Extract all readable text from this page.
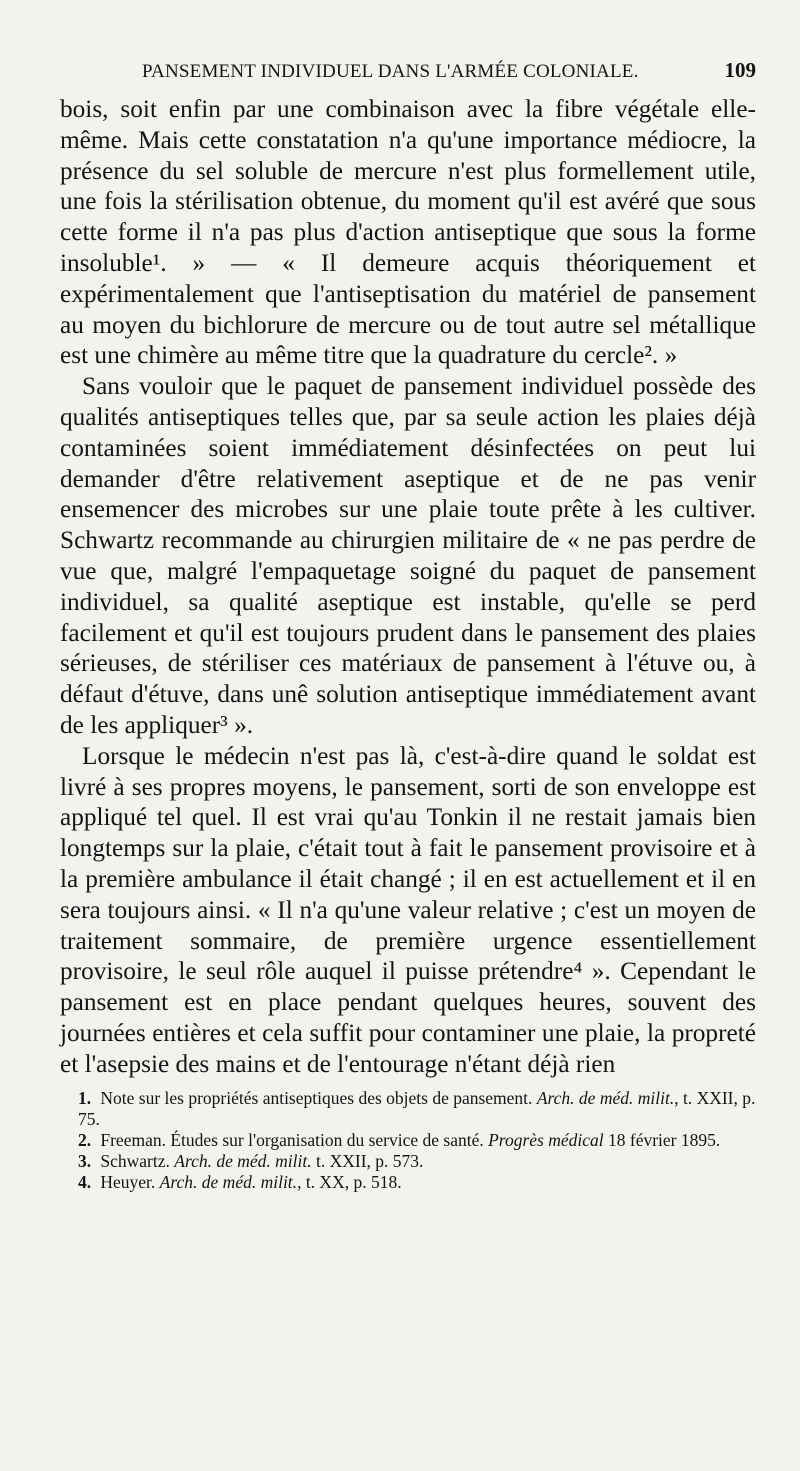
PANSEMENT INDIVIDUEL DANS L'ARMÉE COLONIALE.	109

bois, soit enfin par une combinaison avec la fibre végétale elle-même. Mais cette constatation n'a qu'une importance médiocre, la présence du sel soluble de mercure n'est plus formellement utile, une fois la stérilisation obtenue, du moment qu'il est avéré que sous cette forme il n'a pas plus d'action antiseptique que sous la forme insoluble¹. » — « Il demeure acquis théoriquement et expérimentalement que l'antiseptisation du matériel de pansement au moyen du bichlorure de mercure ou de tout autre sel métallique est une chimère au même titre que la quadrature du cercle². »

Sans vouloir que le paquet de pansement individuel possède des qualités antiseptiques telles que, par sa seule action les plaies déjà contaminées soient immédiatement désinfectées on peut lui demander d'être relativement aseptique et de ne pas venir ensemencer des microbes sur une plaie toute prête à les cultiver. Schwartz recommande au chirurgien militaire de « ne pas perdre de vue que, malgré l'empaquetage soigné du paquet de pansement individuel, sa qualité aseptique est instable, qu'elle se perd facilement et qu'il est toujours prudent dans le pansement des plaies sérieuses, de stériliser ces matériaux de pansement à l'étuve ou, à défaut d'étuve, dans unê solution antiseptique immédiatement avant de les appliquer³ ».

Lorsque le médecin n'est pas là, c'est-à-dire quand le soldat est livré à ses propres moyens, le pansement, sorti de son enveloppe est appliqué tel quel. Il est vrai qu'au Tonkin il ne restait jamais bien longtemps sur la plaie, c'était tout à fait le pansement provisoire et à la première ambulance il était changé ; il en est actuellement et il en sera toujours ainsi. « Il n'a qu'une valeur relative ; c'est un moyen de traitement sommaire, de première urgence essentiellement provisoire, le seul rôle auquel il puisse prétendre⁴ ». Cependant le pansement est en place pendant quelques heures, souvent des journées entières et cela suffit pour contaminer une plaie, la propreté et l'asepsie des mains et de l'entourage n'étant déjà rien

1. Note sur les propriétés antiseptiques des objets de pansement. Arch. de méd. milit., t. XXII, p. 75.

2. Freeman. Études sur l'organisation du service de santé. Progrès médical 18 février 1895.

3. Schwartz. Arch. de méd. milit. t. XXII, p. 573.

4. Heuyer. Arch. de méd. milit., t. XX, p. 518.
